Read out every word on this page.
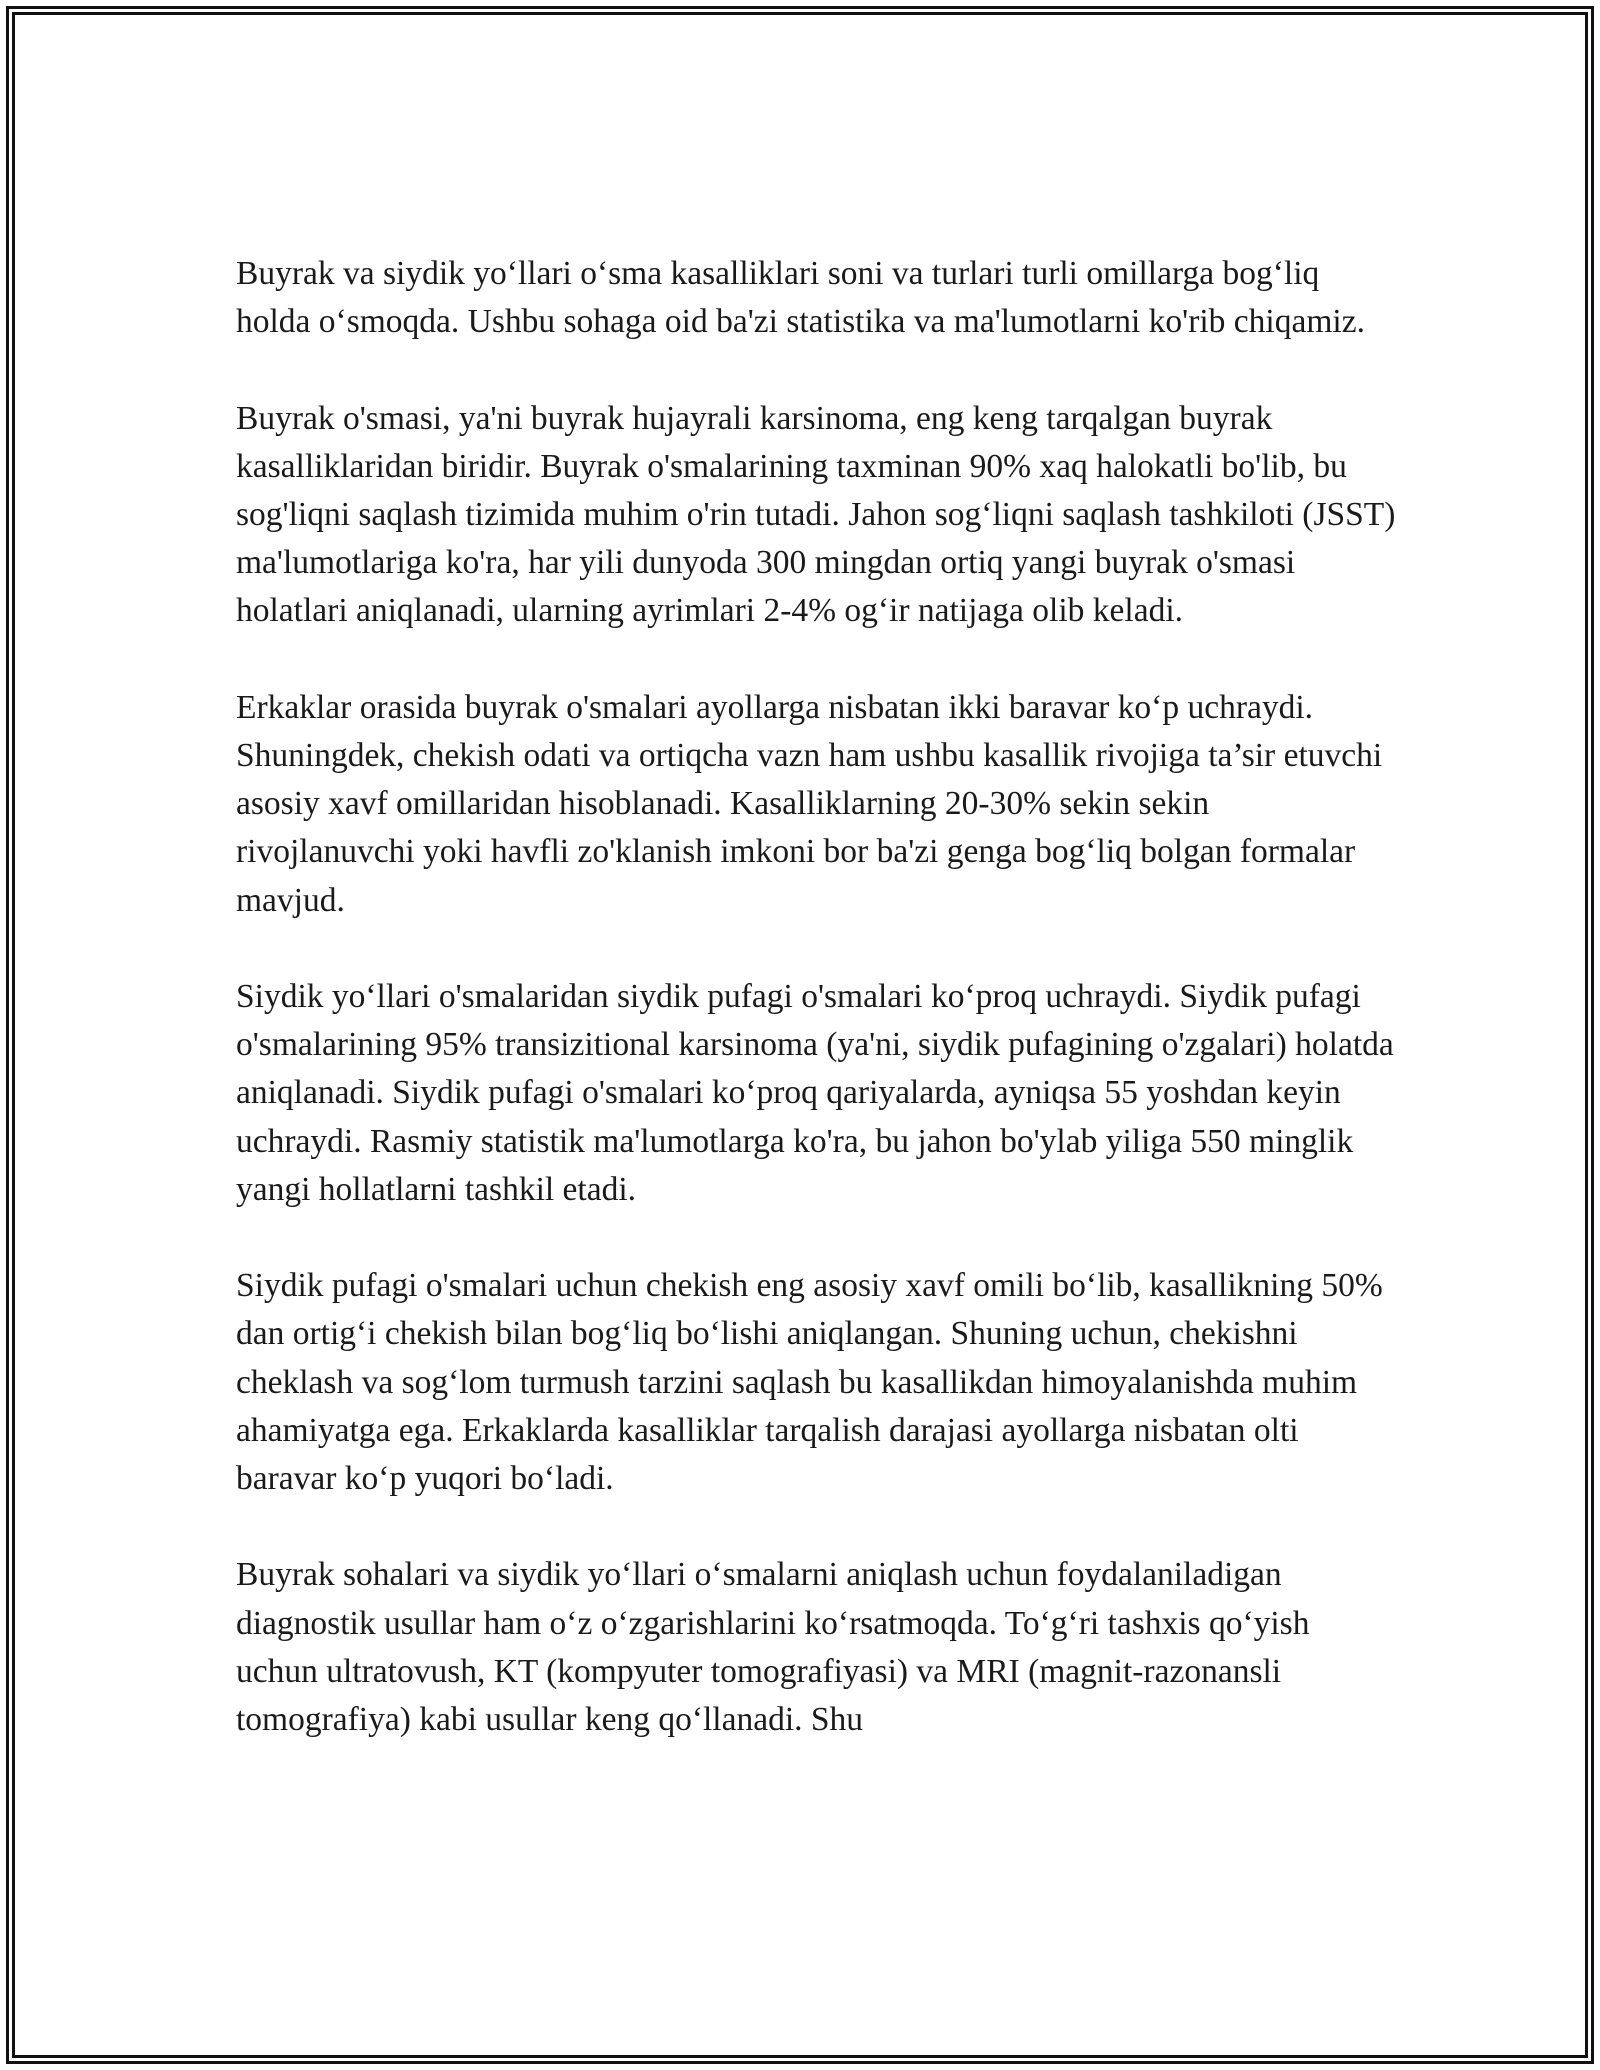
Buyrak va siydik yo‘llari o‘sma kasalliklari soni va turlari turli omillarga bog‘liq holda o‘smoqda. Ushbu sohaga oid ba'zi statistika va ma'lumotlarni ko'rib chiqamiz.

Buyrak o'smasi, ya'ni buyrak hujayrali karsinoma, eng keng tarqalgan buyrak kasalliklaridan biridir. Buyrak o'smalarining taxminan 90% xaq halokatli bo'lib, bu sog'liqni saqlash tizimida muhim o'rin tutadi. Jahon sog‘liqni saqlash tashkiloti (JSST) ma'lumotlariga ko'ra, har yili dunyoda 300 mingdan ortiq yangi buyrak o'smasi holatlari aniqlanadi, ularning ayrimlari 2-4% og‘ir natijaga olib keladi.

Erkaklar orasida buyrak o'smalari ayollarga nisbatan ikki baravar ko‘p uchraydi. Shuningdek, chekish odati va ortiqcha vazn ham ushbu kasallik rivojiga ta’sir etuvchi asosiy xavf omillaridan hisoblanadi. Kasalliklarning 20-30% sekin sekin rivojlanuvchi yoki havfli zo'klanish imkoni bor ba'zi genga bog‘liq bolgan formalar mavjud.

Siydik yo‘llari o'smalaridan siydik pufagi o'smalari ko‘proq uchraydi. Siydik pufagi o'smalarining 95% transizitional karsinoma (ya'ni, siydik pufagining o'zgalari) holatda aniqlanadi. Siydik pufagi o'smalari ko‘proq qariyalarda, ayniqsa 55 yoshdan keyin uchraydi. Rasmiy statistik ma'lumotlarga ko'ra, bu jahon bo'ylab yiliga 550 minglik yangi hollatlarni tashkil etadi.

Siydik pufagi o'smalari uchun chekish eng asosiy xavf omili bo‘lib, kasallikning 50% dan ortig‘i chekish bilan bog‘liq bo‘lishi aniqlangan. Shuning uchun, chekishni cheklash va sog‘lom turmush tarzini saqlash bu kasallikdan himoyalanishda muhim ahamiyatga ega. Erkaklarda kasalliklar tarqalish darajasi ayollarga nisbatan olti baravar ko‘p yuqori bo‘ladi.

Buyrak sohalari va siydik yo‘llari o‘smalarni aniqlash uchun foydalaniladigan diagnostik usullar ham o‘z o‘zgarishlarini ko‘rsatmoqda. To‘g‘ri tashxis qo‘yish uchun ultratovush, KT (kompyuter tomografiyasi) va MRI (magnit-razonansli tomografiya) kabi usullar keng qo‘llanadi. Shu
